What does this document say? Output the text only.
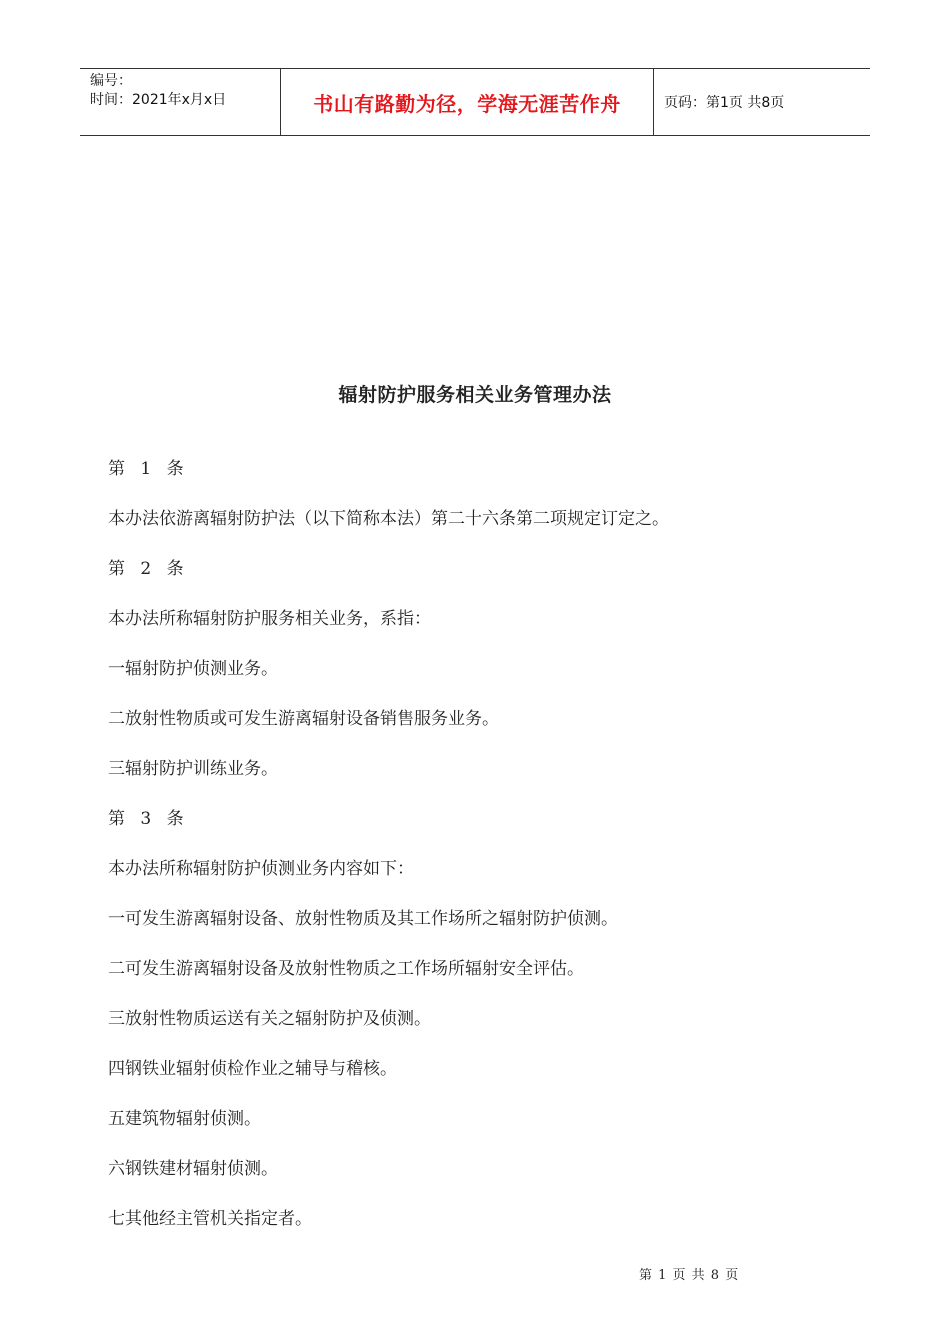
编号：
时间：2021年x月x日	书山有路勤为径，学海无涯苦作舟	页码：第1页 共8页
辐射防护服务相关业务管理办法
第 1 条
本办法依游离辐射防护法（以下简称本法）第二十六条第二项规定订定之。
第 2 条
本办法所称辐射防护服务相关业务，系指：
一辐射防护侦测业务。
二放射性物质或可发生游离辐射设备销售服务业务。
三辐射防护训练业务。
第 3 条
本办法所称辐射防护侦测业务内容如下：
一可发生游离辐射设备、放射性物质及其工作场所之辐射防护侦测。
二可发生游离辐射设备及放射性物质之工作场所辐射安全评估。
三放射性物质运送有关之辐射防护及侦测。
四钢铁业辐射侦检作业之辅导与稽核。
五建筑物辐射侦测。
六钢铁建材辐射侦测。
七其他经主管机关指定者。
第 1 页 共 8 页
